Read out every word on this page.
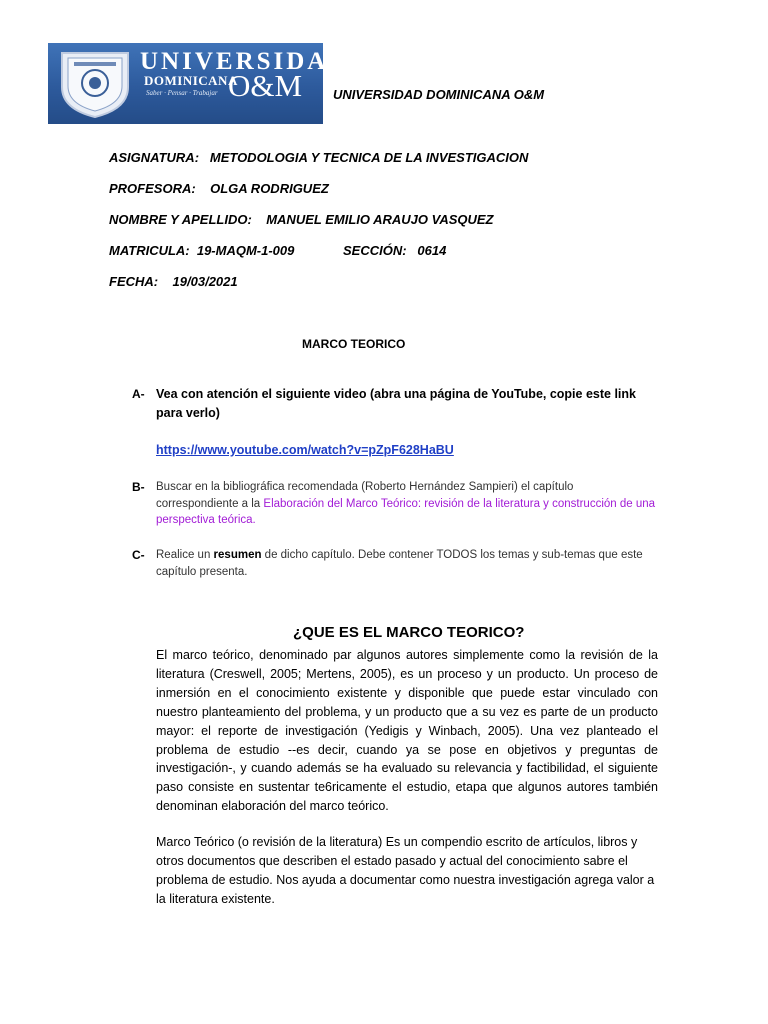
UNIVERSIDAD
DOMINICANA
O&M
Saber · Pensar · Trabajar	UNIVERSIDAD DOMINICANA O&M
ASIGNATURA:   METODOLOGIA Y TECNICA DE LA INVESTIGACION
PROFESORA:    OLGA RODRIGUEZ
NOMBRE Y APELLIDO:    MANUEL EMILIO ARAUJO VASQUEZ
MATRICULA:  19-MAQM-1-009	SECCIÓN:   0614
FECHA:    19/03/2021
MARCO TEORICO
A- Vea con atención el siguiente video (abra una página de YouTube, copie este link para verlo)
https://www.youtube.com/watch?v=pZpF628HaBU
B- Buscar en la bibliográfica recomendada (Roberto Hernández Sampieri) el capítulo correspondiente a la Elaboración del Marco Teórico: revisión de la literatura y construcción de una perspectiva teórica.
C- Realice un resumen de dicho capítulo. Debe contener TODOS los temas y sub-temas que este capítulo presenta.
¿QUE ES EL MARCO TEORICO?
El marco teórico, denominado par algunos autores simplemente como la revisión de la literatura (Creswell, 2005; Mertens, 2005), es un proceso y un producto. Un proceso de inmersión en el conocimiento existente y disponible que puede estar vinculado con nuestro planteamiento del problema, y un producto que a su vez es parte de un producto mayor: el reporte de investigación (Yedigis y Winbach, 2005). Una vez planteado el problema de estudio --es decir, cuando ya se pose en objetivos y preguntas de investigación-, y cuando además se ha evaluado su relevancia y factibilidad, el siguiente paso consiste en sustentar te6ricamente el estudio, etapa que algunos autores también denominan elaboración del marco teórico.
Marco Teórico (o revisión de la literatura) Es un compendio escrito de artículos, libros y otros documentos que describen el estado pasado y actual del conocimiento sabre el problema de estudio. Nos ayuda a documentar como nuestra investigación agrega valor a la literatura existente.
